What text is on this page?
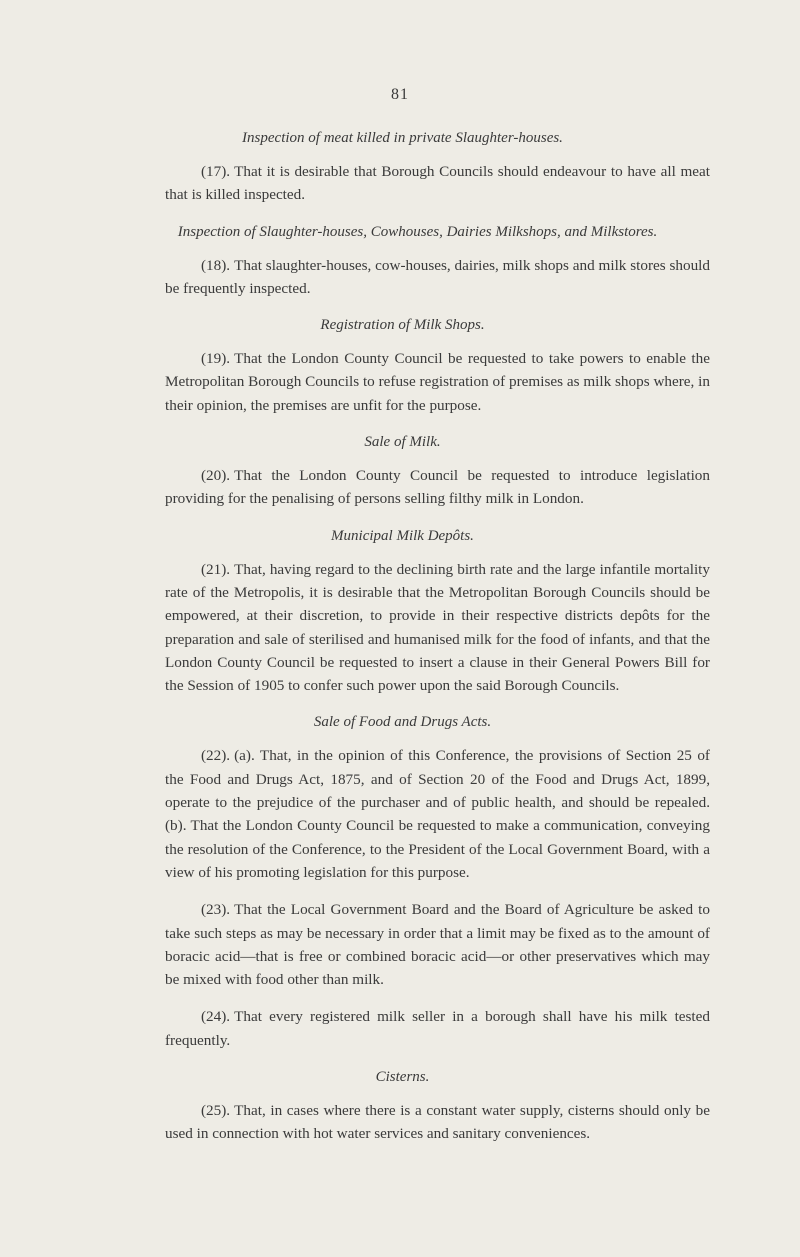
81
Inspection of meat killed in private Slaughter-houses.

(17). That it is desirable that Borough Councils should endeavour to have all meat that is killed inspected.

Inspection of Slaughter-houses, Cowhouses, Dairies Milkshops, and Milkstores.

(18). That slaughter-houses, cow-houses, dairies, milk shops and milk stores should be frequently inspected.

Registration of Milk Shops.

(19). That the London County Council be requested to take powers to enable the Metropolitan Borough Councils to refuse registration of premises as milk shops where, in their opinion, the premises are unfit for the purpose.

Sale of Milk.

(20). That the London County Council be requested to introduce legislation providing for the penalising of persons selling filthy milk in London.

Municipal Milk Depôts.

(21). That, having regard to the declining birth rate and the large infantile mortality rate of the Metropolis, it is desirable that the Metropolitan Borough Councils should be empowered, at their discretion, to provide in their respective districts depôts for the preparation and sale of sterilised and humanised milk for the food of infants, and that the London County Council be requested to insert a clause in their General Powers Bill for the Session of 1905 to confer such power upon the said Borough Councils.

Sale of Food and Drugs Acts.

(22). (a). That, in the opinion of this Conference, the provisions of Section 25 of the Food and Drugs Act, 1875, and of Section 20 of the Food and Drugs Act, 1899, operate to the prejudice of the purchaser and of public health, and should be repealed. (b). That the London County Council be requested to make a communication, conveying the resolution of the Conference, to the President of the Local Government Board, with a view of his promoting legislation for this purpose.

(23). That the Local Government Board and the Board of Agriculture be asked to take such steps as may be necessary in order that a limit may be fixed as to the amount of boracic acid—that is free or combined boracic acid—or other preservatives which may be mixed with food other than milk.

(24). That every registered milk seller in a borough shall have his milk tested frequently.

Cisterns.

(25). That, in cases where there is a constant water supply, cisterns should only be used in connection with hot water services and sanitary conveniences.
